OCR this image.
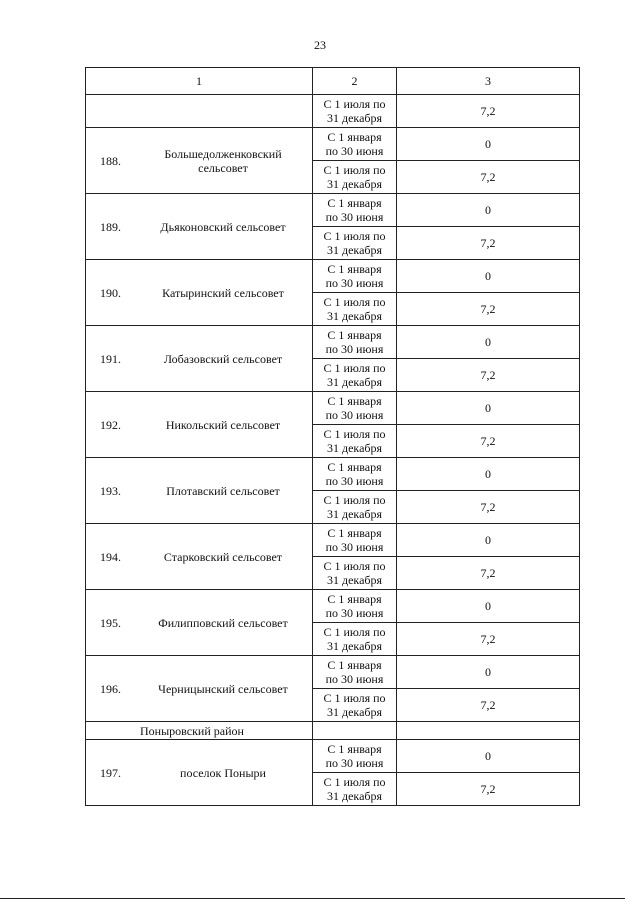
23
1	2	3
	С 1 июля по
31 декабря	7,2

188. Большедолженковский сельсовет	С 1 января
по 30 июня	0
	С 1 июля по
31 декабря	7,2

189. Дьяконовский сельсовет	С 1 января
по 30 июня	0
	С 1 июля по
31 декабря	7,2

190. Катыринский сельсовет	С 1 января
по 30 июня	0
	С 1 июля по
31 декабря	7,2

191. Лобазовский сельсовет	С 1 января
по 30 июня	0
	С 1 июля по
31 декабря	7,2

192. Никольский сельсовет	С 1 января
по 30 июня	0
	С 1 июля по
31 декабря	7,2

193. Плотавский сельсовет	С 1 января
по 30 июня	0
	С 1 июля по
31 декабря	7,2

194. Старковский сельсовет	С 1 января
по 30 июня	0
	С 1 июля по
31 декабря	7,2

195. Филипповский сельсовет	С 1 января
по 30 июня	0
	С 1 июля по
31 декабря	7,2

196. Черницынский сельсовет	С 1 января
по 30 июня	0
	С 1 июля по
31 декабря	7,2
Поныровский район		

197. поселок Поныри	С 1 января
по 30 июня	0
	С 1 июля по
31 декабря	7,2
